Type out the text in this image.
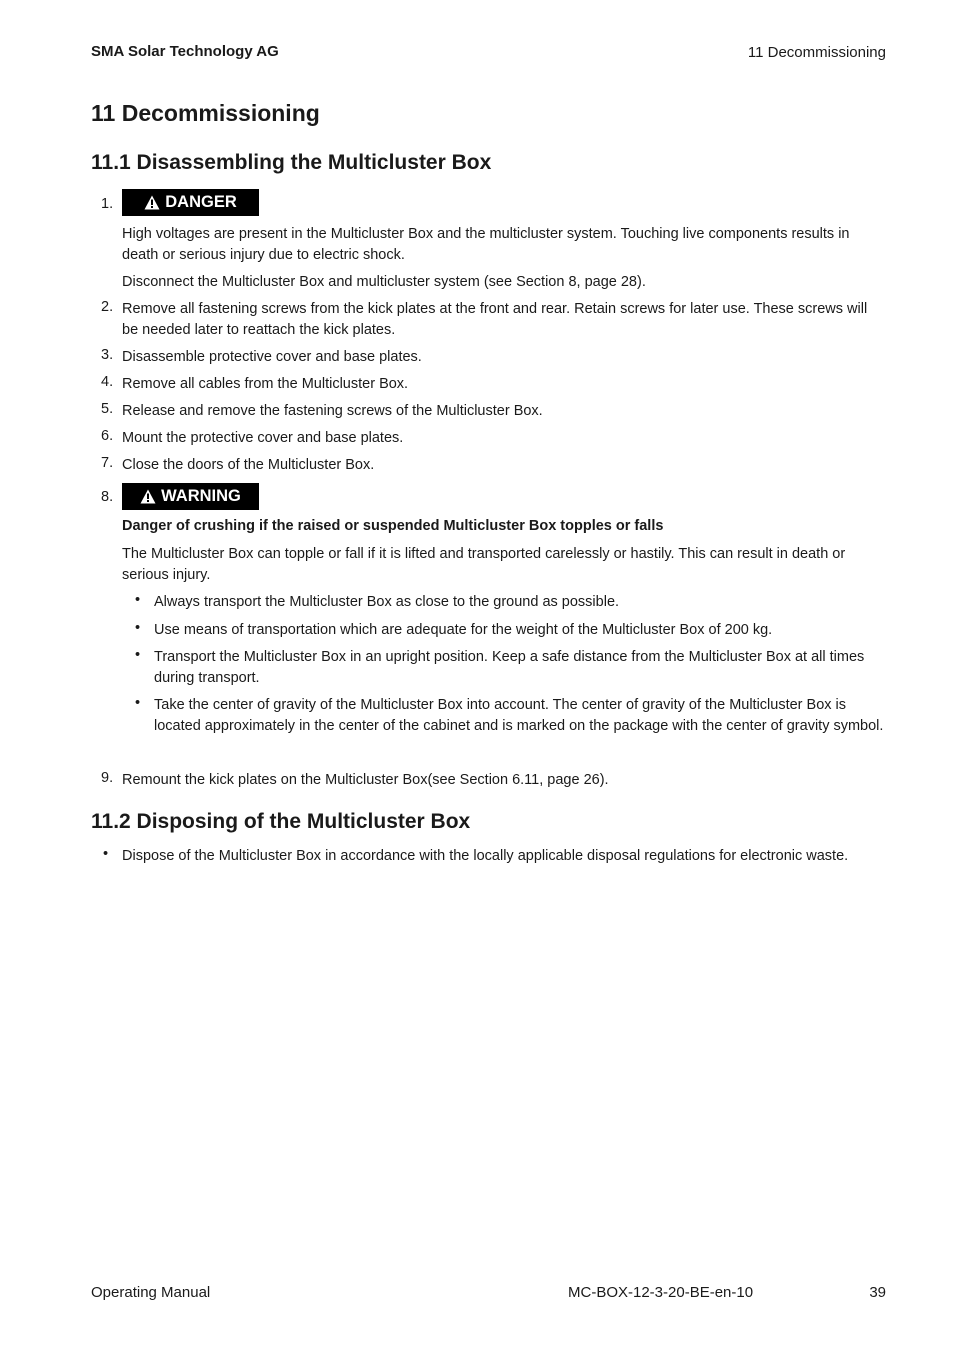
SMA Solar Technology AG	11 Decommissioning
11 Decommissioning
11.1 Disassembling the Multicluster Box
1.	DANGER
High voltages are present in the Multicluster Box and the multicluster system. Touching live components results in death or serious injury due to electric shock.
Disconnect the Multicluster Box and multicluster system (see Section 8, page 28).
2. Remove all fastening screws from the kick plates at the front and rear. Retain screws for later use. These screws will be needed later to reattach the kick plates.
3. Disassemble protective cover and base plates.
4. Remove all cables from the Multicluster Box.
5. Release and remove the fastening screws of the Multicluster Box.
6. Mount the protective cover and base plates.
7. Close the doors of the Multicluster Box.
8.	WARNING
Danger of crushing if the raised or suspended Multicluster Box topples or falls
The Multicluster Box can topple or fall if it is lifted and transported carelessly or hastily. This can result in death or serious injury.
• Always transport the Multicluster Box as close to the ground as possible.
• Use means of transportation which are adequate for the weight of the Multicluster Box of 200 kg.
• Transport the Multicluster Box in an upright position. Keep a safe distance from the Multicluster Box at all times during transport.
• Take the center of gravity of the Multicluster Box into account. The center of gravity of the Multicluster Box is located approximately in the center of the cabinet and is marked on the package with the center of gravity symbol.
9. Remount the kick plates on the Multicluster Box(see Section 6.11, page 26).
11.2 Disposing of the Multicluster Box
• Dispose of the Multicluster Box in accordance with the locally applicable disposal regulations for electronic waste.
Operating Manual	MC-BOX-12-3-20-BE-en-10	39
